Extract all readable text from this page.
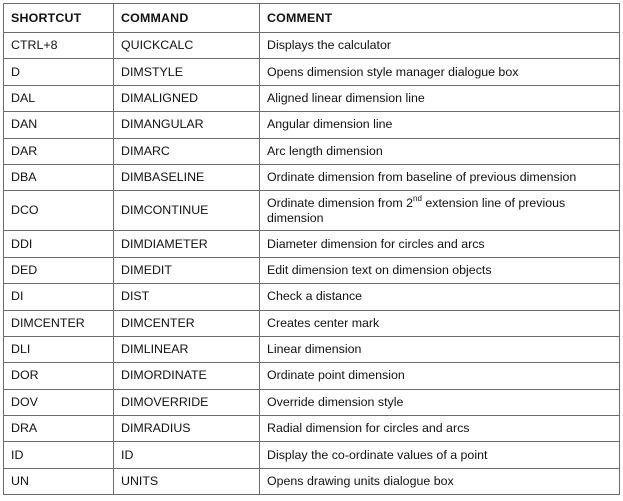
SHORTCUT	COMMAND	COMMENT
CTRL+8	QUICKCALC	Displays the calculator
D	DIMSTYLE	Opens dimension style manager dialogue box
DAL	DIMALIGNED	Aligned linear dimension line
DAN	DIMANGULAR	Angular dimension line
DAR	DIMARC	Arc length dimension
DBA	DIMBASELINE	Ordinate dimension from baseline of previous dimension
DCO	DIMCONTINUE	Ordinate dimension from 2nd extension line of previous dimension
DDI	DIMDIAMETER	Diameter dimension for circles and arcs
DED	DIMEDIT	Edit dimension text on dimension objects
DI	DIST	Check a distance
DIMCENTER	DIMCENTER	Creates center mark
DLI	DIMLINEAR	Linear dimension
DOR	DIMORDINATE	Ordinate point dimension
DOV	DIMOVERRIDE	Override dimension style
DRA	DIMRADIUS	Radial dimension for circles and arcs
ID	ID	Display the co-ordinate values of a point
UN	UNITS	Opens drawing units dialogue box
